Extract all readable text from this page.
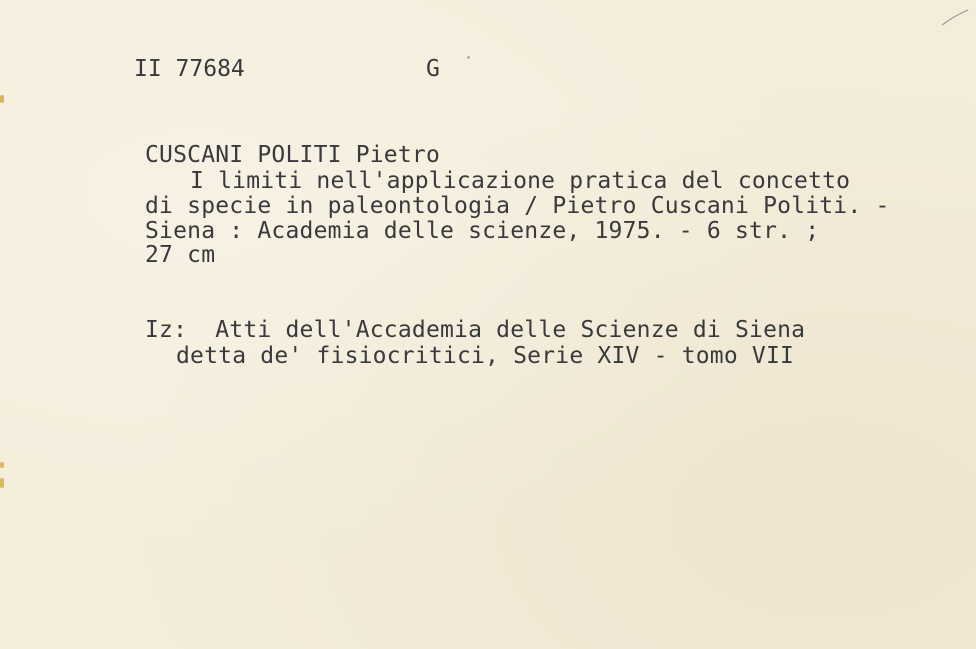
II 77684	G
CUSCANI POLITI Pietro
I limiti nell'applicazione pratica del concetto
di specie in paleontologia / Pietro Cuscani Politi. -
Siena : Academia delle scienze, 1975. - 6 str. ;
27 cm
Iz:  Atti dell'Accademia delle Scienze di Siena
detta de' fisiocritici, Serie XIV - tomo VII
